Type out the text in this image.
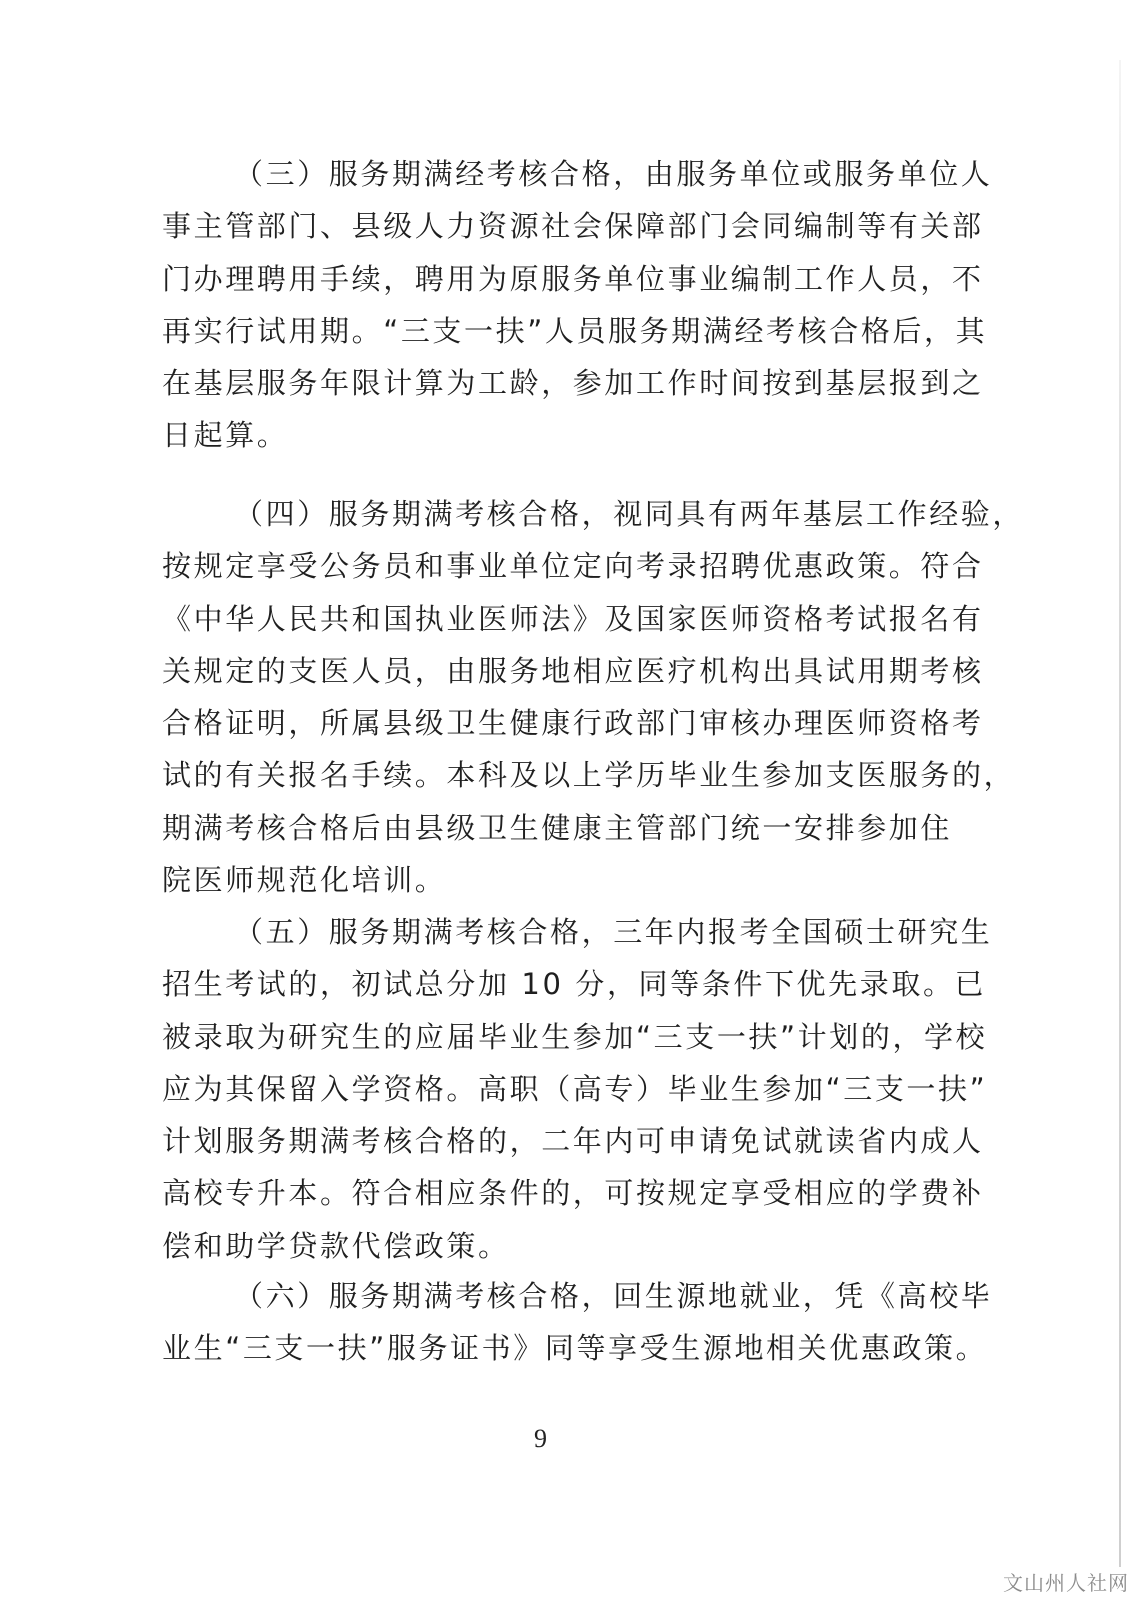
（三）服务期满经考核合格，由服务单位或服务单位人
事主管部门、县级人力资源社会保障部门会同编制等有关部
门办理聘用手续，聘用为原服务单位事业编制工作人员，不
再实行试用期。“三支一扶”人员服务期满经考核合格后，其
在基层服务年限计算为工龄，参加工作时间按到基层报到之
日起算。

（四）服务期满考核合格，视同具有两年基层工作经验，
按规定享受公务员和事业单位定向考录招聘优惠政策。符合
《中华人民共和国执业医师法》及国家医师资格考试报名有
关规定的支医人员，由服务地相应医疗机构出具试用期考核
合格证明，所属县级卫生健康行政部门审核办理医师资格考
试的有关报名手续。本科及以上学历毕业生参加支医服务的，
期满考核合格后由县级卫生健康主管部门统一安排参加住
院医师规范化培训。

（五）服务期满考核合格，三年内报考全国硕士研究生
招生考试的，初试总分加 10 分，同等条件下优先录取。已
被录取为研究生的应届毕业生参加“三支一扶”计划的，学校
应为其保留入学资格。高职（高专）毕业生参加“三支一扶”
计划服务期满考核合格的，二年内可申请免试就读省内成人
高校专升本。符合相应条件的，可按规定享受相应的学费补
偿和助学贷款代偿政策。

（六）服务期满考核合格，回生源地就业，凭《高校毕
业生“三支一扶”服务证书》同等享受生源地相关优惠政策。

9
文山州人社网
